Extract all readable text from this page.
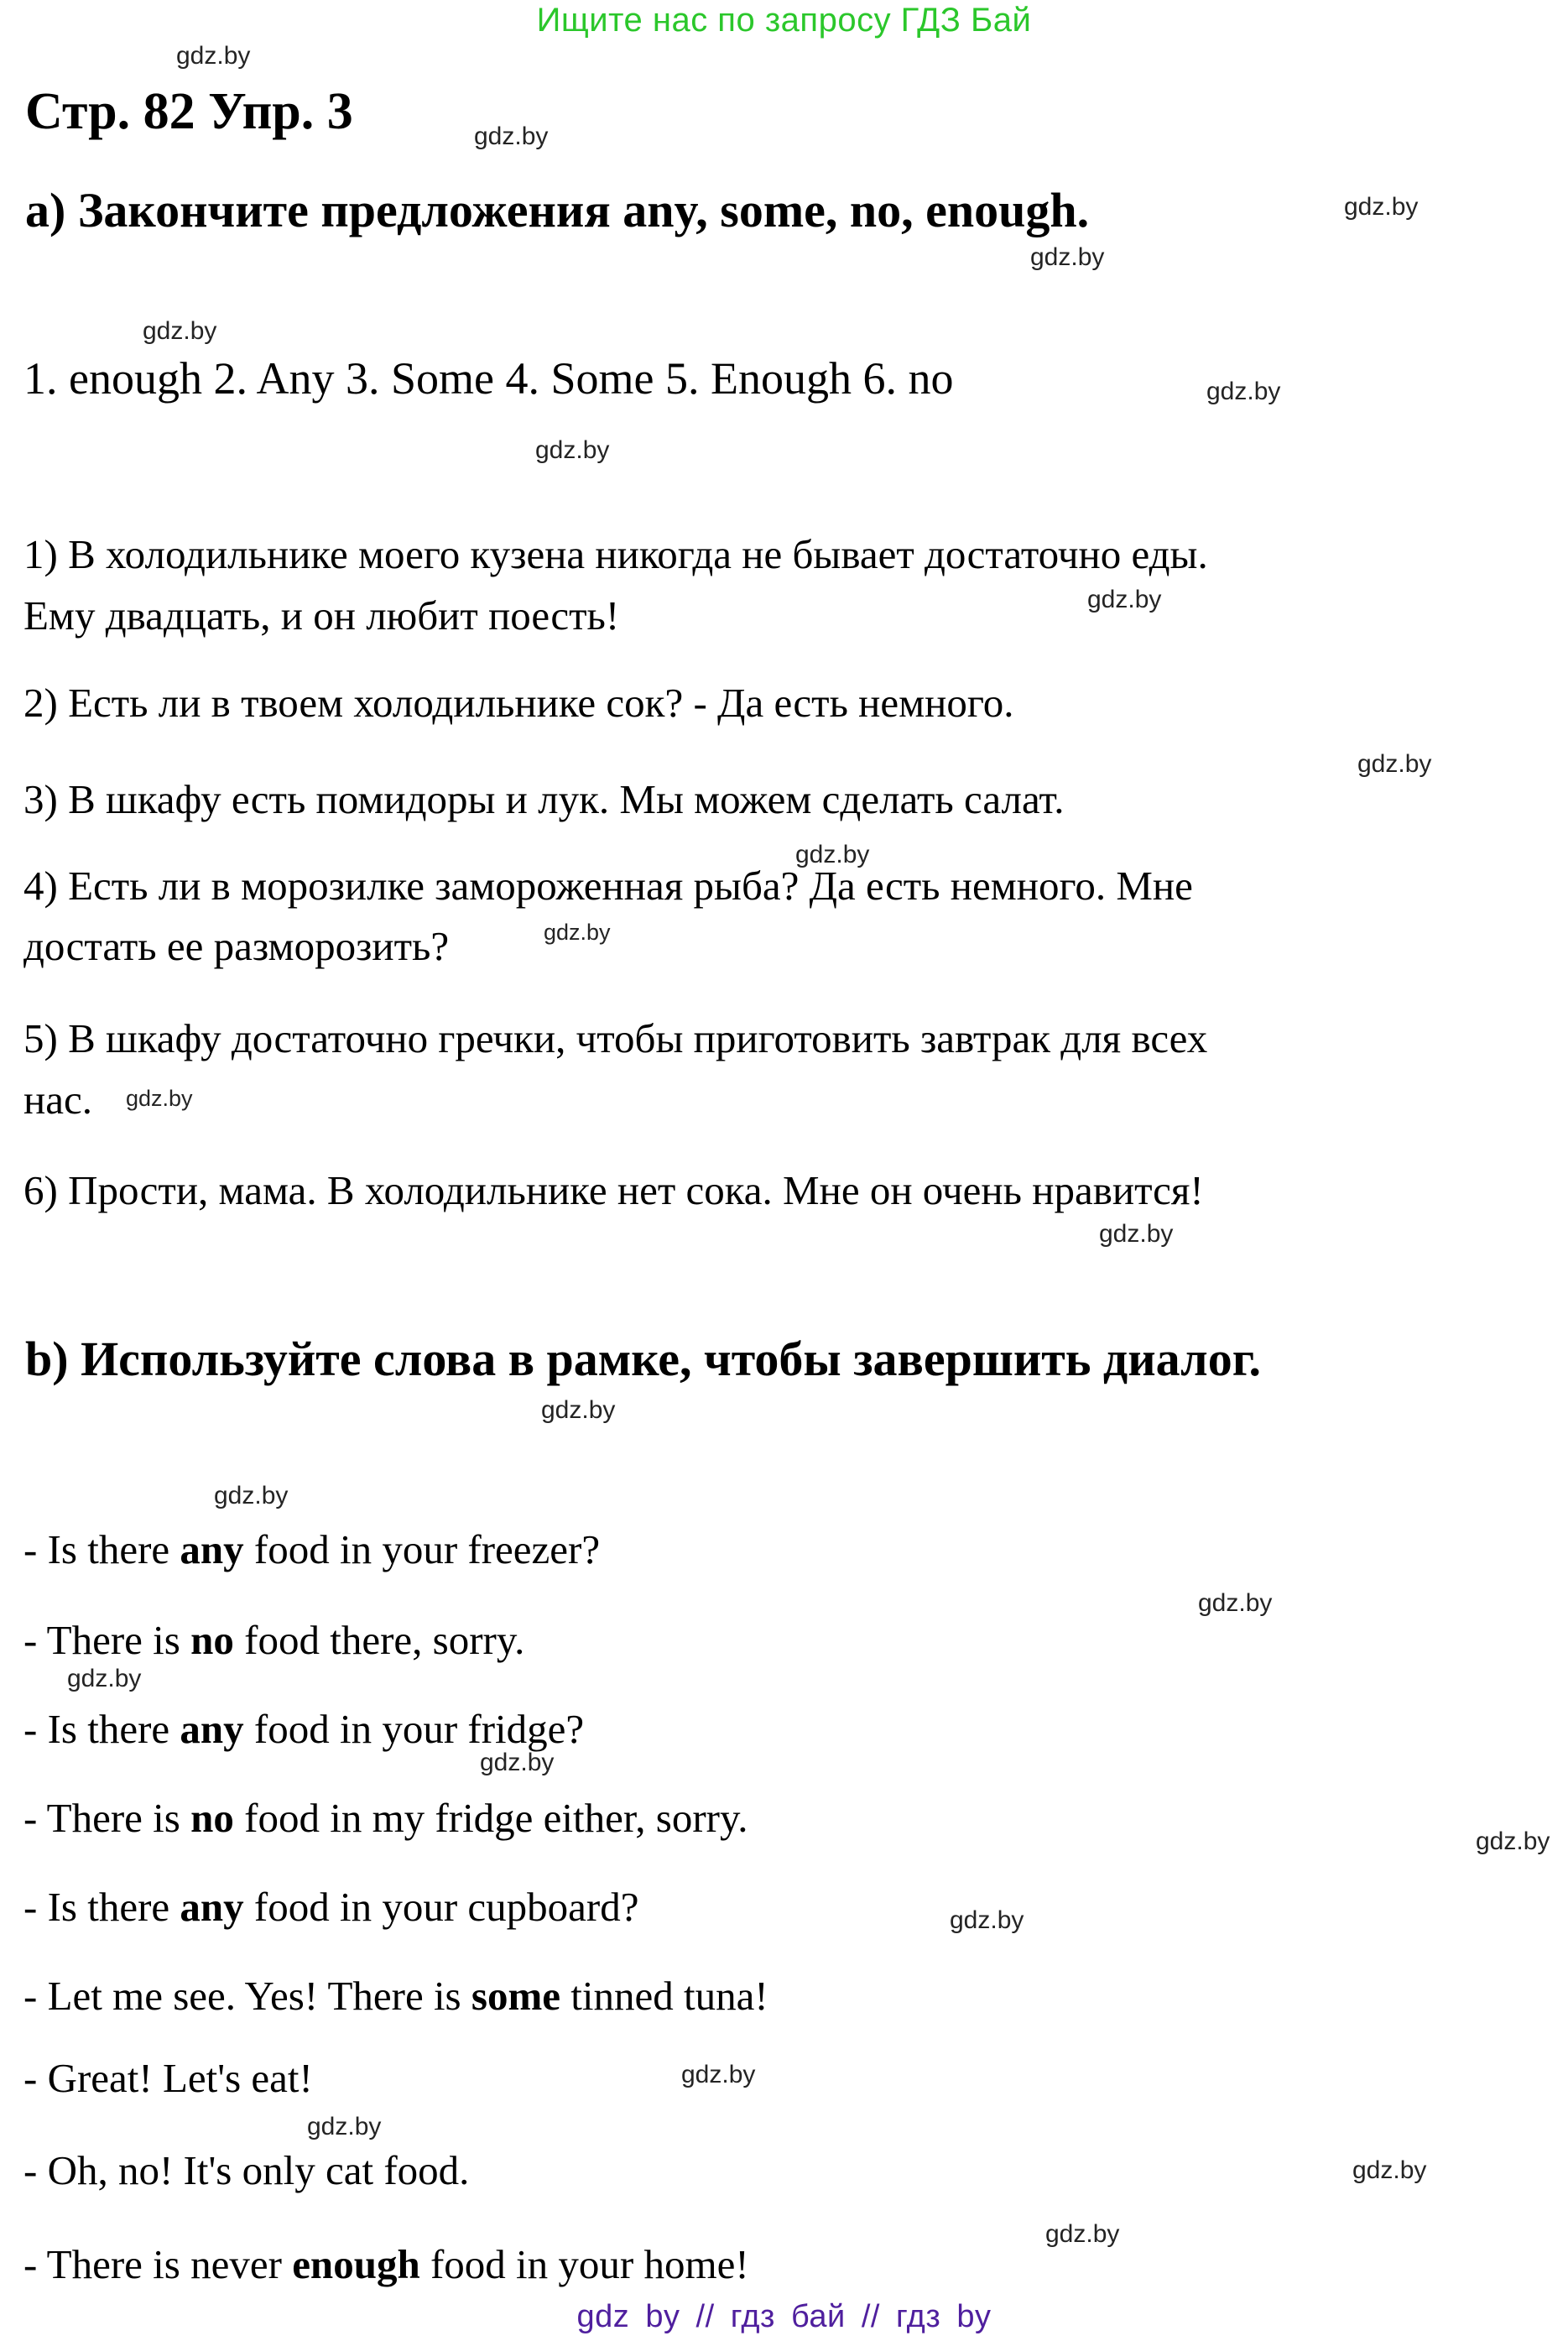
Ищите нас по запросу ГДЗ Бай
Стр. 82 Упр. 3
a) Закончите предложения any, some, no, enough.
1. enough 2. Any 3. Some 4. Some 5. Enough 6. no
1) В холодильнике моего кузена никогда не бывает достаточно еды.
Ему двадцать, и он любит поесть!
2) Есть ли в твоем холодильнике сок? - Да есть немного.
3) В шкафу есть помидоры и лук. Мы можем сделать салат.
4) Есть ли в морозилке замороженная рыба? Да есть немного. Мне
достать ее разморозить?
5) В шкафу достаточно гречки, чтобы приготовить завтрак для всех
нас.
6) Прости, мама. В холодильнике нет сока. Мне он очень нравится!
b) Используйте слова в рамке, чтобы завершить диалог.
- Is there any food in your freezer?
- There is no food there, sorry.
- Is there any food in your fridge?
- There is no food in my fridge either, sorry.
- Is there any food in your cupboard?
- Let me see. Yes! There is some tinned tuna!
- Great! Let's eat!
- Oh, no! It's only cat food.
- There is never enough food in your home!
gdz.by
gdz.by
gdz.by
gdz.by
gdz.by
gdz.by
gdz.by
gdz.by
gdz.by
gdz.by
gdz.by
gdz.by
gdz.by
gdz.by
gdz.by
gdz.by
gdz.by
gdz.by
gdz.by
gdz.by
gdz.by
gdz.by
gdz.by
gdz.by
gdz by // гдз бай // гдз by
